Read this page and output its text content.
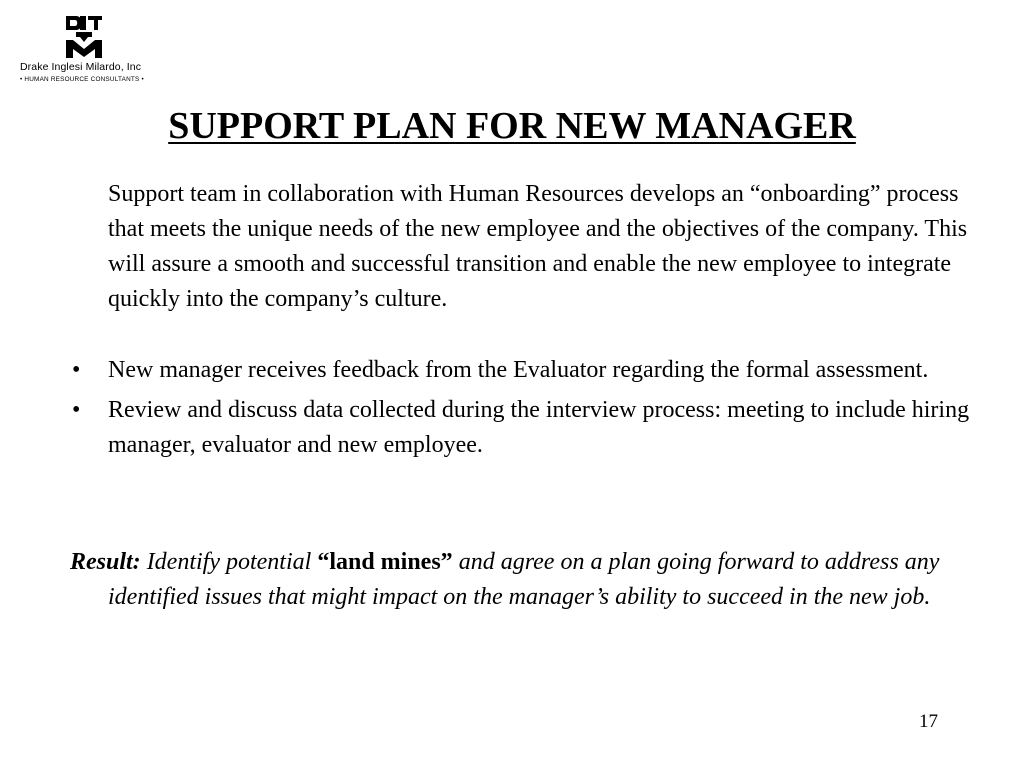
Drake Inglesi Milardo, Inc
• HUMAN RESOURCE CONSULTANTS •
SUPPORT PLAN FOR NEW MANAGER

Support team in collaboration with Human Resources develops an “onboarding” process that meets the unique needs of the new employee and the objectives of the company. This will assure a smooth and successful transition and enable the new employee to integrate quickly into the company’s culture.

• New manager receives feedback from the Evaluator regarding the formal assessment.
• Review and discuss data collected during the interview process: meeting to include hiring manager, evaluator and new employee.

Result: Identify potential “land mines” and agree on a plan going forward to address any identified issues that might impact on the manager’s ability to succeed in the new job.

17
